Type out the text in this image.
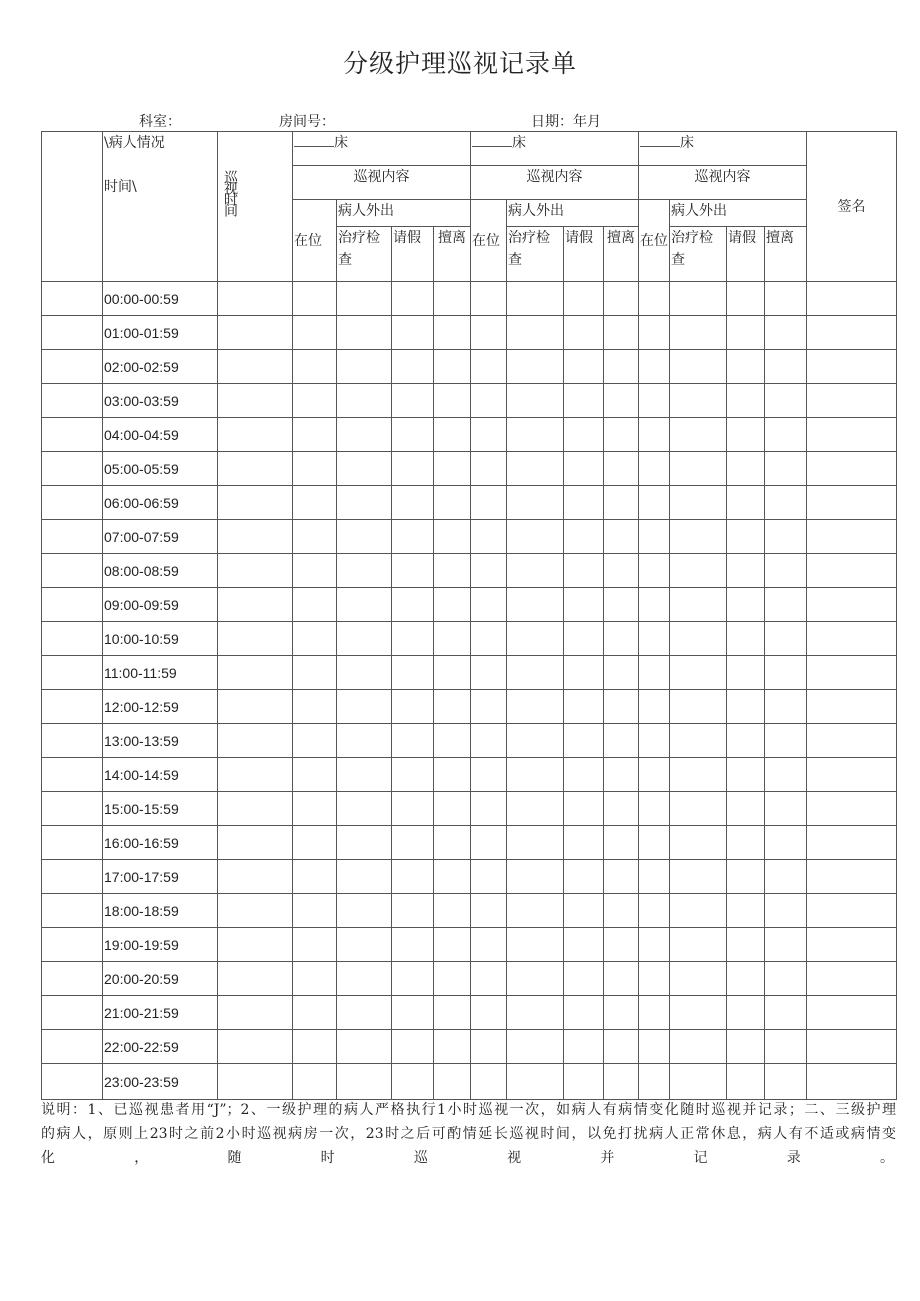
分级护理巡视记录单
科室：	房间号：	日期：年月

	\病人情况
时间\	巡视时间	床				床				床				签名
			巡视内容				巡视内容				巡视内容				
			在位	病人外出			在位	病人外出			在位	病人外出			
				治疗检查	请假	擅离		治疗检查	请假	擅离		治疗检查	请假	擅离	
	00:00-00:59														
	01:00-01:59														
	02:00-02:59														
	03:00-03:59														
	04:00-04:59														
	05:00-05:59														
	06:00-06:59														
	07:00-07:59														
	08:00-08:59														
	09:00-09:59														
	10:00-10:59														
	11:00-11:59														
	12:00-12:59														
	13:00-13:59														
	14:00-14:59														
	15:00-15:59														
	16:00-16:59														
	17:00-17:59														
	18:00-18:59														
	19:00-19:59														
	20:00-20:59														
	21:00-21:59														
	22:00-22:59														
	23:00-23:59														
说明：1、已巡视患者用“J”；2、一级护理的病人严格执行1小时巡视一次，如病人有病情变化随时巡视并记录；二、三级护理
的病人，原则上23时之前2小时巡视病房一次，23时之后可酌情延长巡视时间，以免打扰病人正常休息，病人有不适或病情变
化，随时巡视并记录。
